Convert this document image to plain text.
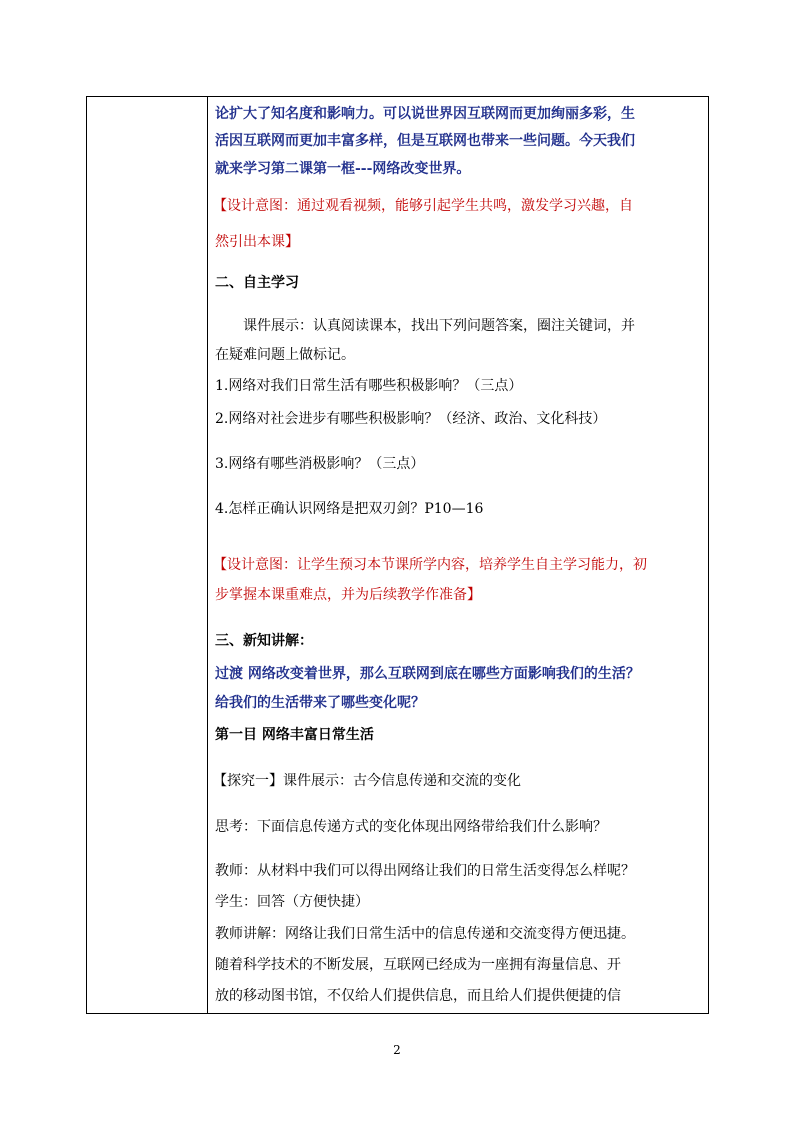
论扩大了知名度和影响力。可以说世界因互联网而更加绚丽多彩，生
活因互联网而更加丰富多样，但是互联网也带来一些问题。今天我们
就来学习第二课第一框---网络改变世界。
【设计意图：通过观看视频，能够引起学生共鸣，激发学习兴趣，自
然引出本课】
二、自主学习
课件展示：认真阅读课本，找出下列问题答案，圈注关键词，并
在疑难问题上做标记。
1.网络对我们日常生活有哪些积极影响？（三点）
2.网络对社会进步有哪些积极影响？（经济、政治、文化科技）
3.网络有哪些消极影响？（三点）
4.怎样正确认识网络是把双刃剑？P10—16
【设计意图：让学生预习本节课所学内容，培养学生自主学习能力，初
步掌握本课重难点，并为后续教学作准备】
三、新知讲解：
过渡 网络改变着世界，那么互联网到底在哪些方面影响我们的生活？
给我们的生活带来了哪些变化呢？
第一目 网络丰富日常生活
【探究一】课件展示：古今信息传递和交流的变化
思考：下面信息传递方式的变化体现出网络带给我们什么影响？
教师：从材料中我们可以得出网络让我们的日常生活变得怎么样呢？
学生：回答（方便快捷）
教师讲解：网络让我们日常生活中的信息传递和交流变得方便迅捷。
随着科学技术的不断发展，互联网已经成为一座拥有海量信息、开
放的移动图书馆，不仅给人们提供信息，而且给人们提供便捷的信
2
